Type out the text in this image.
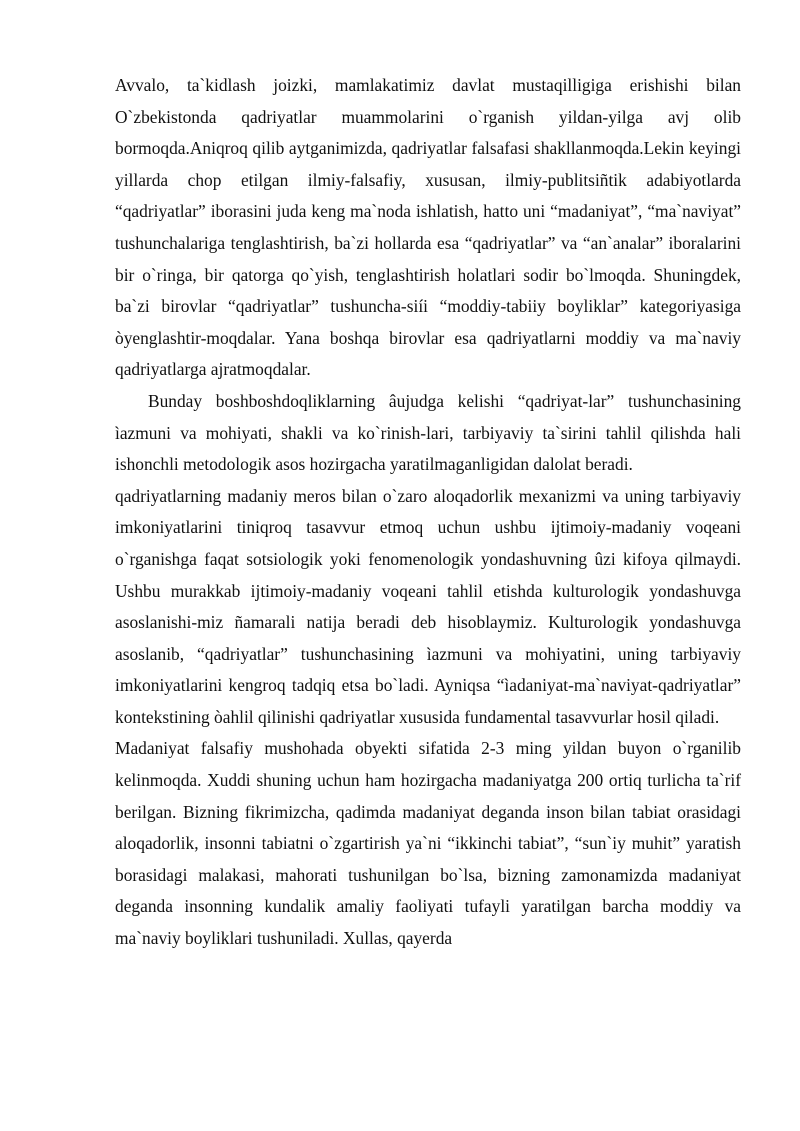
Avvalo, ta`kidlash joizki, mamlakatimiz davlat mustaqilligiga erishishi bilan O`zbekistonda qadriyatlar muammolarini o`rganish yildan-yilga avj olib bormoqda.Aniqroq qilib aytganimizda, qadriyatlar falsafasi shakllanmoqda.Lekin keyingi yillarda chop etilgan ilmiy-falsafiy, xususan, ilmiy-publitsiñtik adabiyotlarda “qadriyatlar” iborasini juda keng ma`noda ishlatish, hatto uni “madaniyat”, “ma`naviyat” tushunchalariga tenglashtirish, ba`zi hollarda esa “qadriyatlar” va “an`analar” iboralarini bir o`ringa, bir qatorga qo`yish, tenglashtirish holatlari sodir bo`lmoqda. Shuningdek, ba`zi birovlar “qadriyatlar” tushuncha-siíi “moddiy-tabiiy boyliklar” kategoriyasiga òyenglashtir-moqdalar. Yana boshqa birovlar esa qadriyatlarni moddiy va ma`naviy qadriyatlarga ajratmoqdalar.

Bunday boshboshdoqliklarning âujudga kelishi “qadriyat-lar” tushunchasining ìazmuni va mohiyati, shakli va ko`rinish-lari, tarbiyaviy ta`sirini tahlil qilishda hali ishonchli metodologik asos hozirgacha yaratilmaganligidan dalolat beradi.

qadriyatlarning madaniy meros bilan o`zaro aloqadorlik mexanizmi va uning tarbiyaviy imkoniyatlarini tiniqroq tasavvur etmoq uchun ushbu ijtimoiy-madaniy voqeani o`rganishga faqat sotsiologik yoki fenomenologik yondashuvning ûzi kifoya qilmaydi. Ushbu murakkab ijtimoiy-madaniy voqeani tahlil etishda kulturologik yondashuvga asoslanishi-miz ñamarali natija beradi deb hisoblaymiz. Kulturologik yondashuvga asoslanib, “qadriyatlar” tushunchasining ìazmuni va mohiyatini, uning tarbiyaviy imkoniyatlarini kengroq tadqiq etsa bo`ladi. Ayniqsa “ìadaniyat-ma`naviyat-qadriyatlar” kontekstining òahlil qilinishi qadriyatlar xususida fundamental tasavvurlar hosil qiladi.

Madaniyat falsafiy mushohada obyekti sifatida 2-3 ming yildan buyon o`rganilib kelinmoqda. Xuddi shuning uchun ham hozirgacha madaniyatga 200 ortiq turlicha ta`rif berilgan. Bizning fikrimizcha, qadimda madaniyat deganda inson bilan tabiat orasidagi aloqadorlik, insonni tabiatni o`zgartirish ya`ni “ikkinchi tabiat”, “sun`iy muhit” yaratish borasidagi malakasi, mahorati tushunilgan bo`lsa, bizning zamonamizda madaniyat deganda insonning kundalik amaliy faoliyati tufayli yaratilgan barcha moddiy va ma`naviy boyliklari tushuniladi. Xullas, qayerda
